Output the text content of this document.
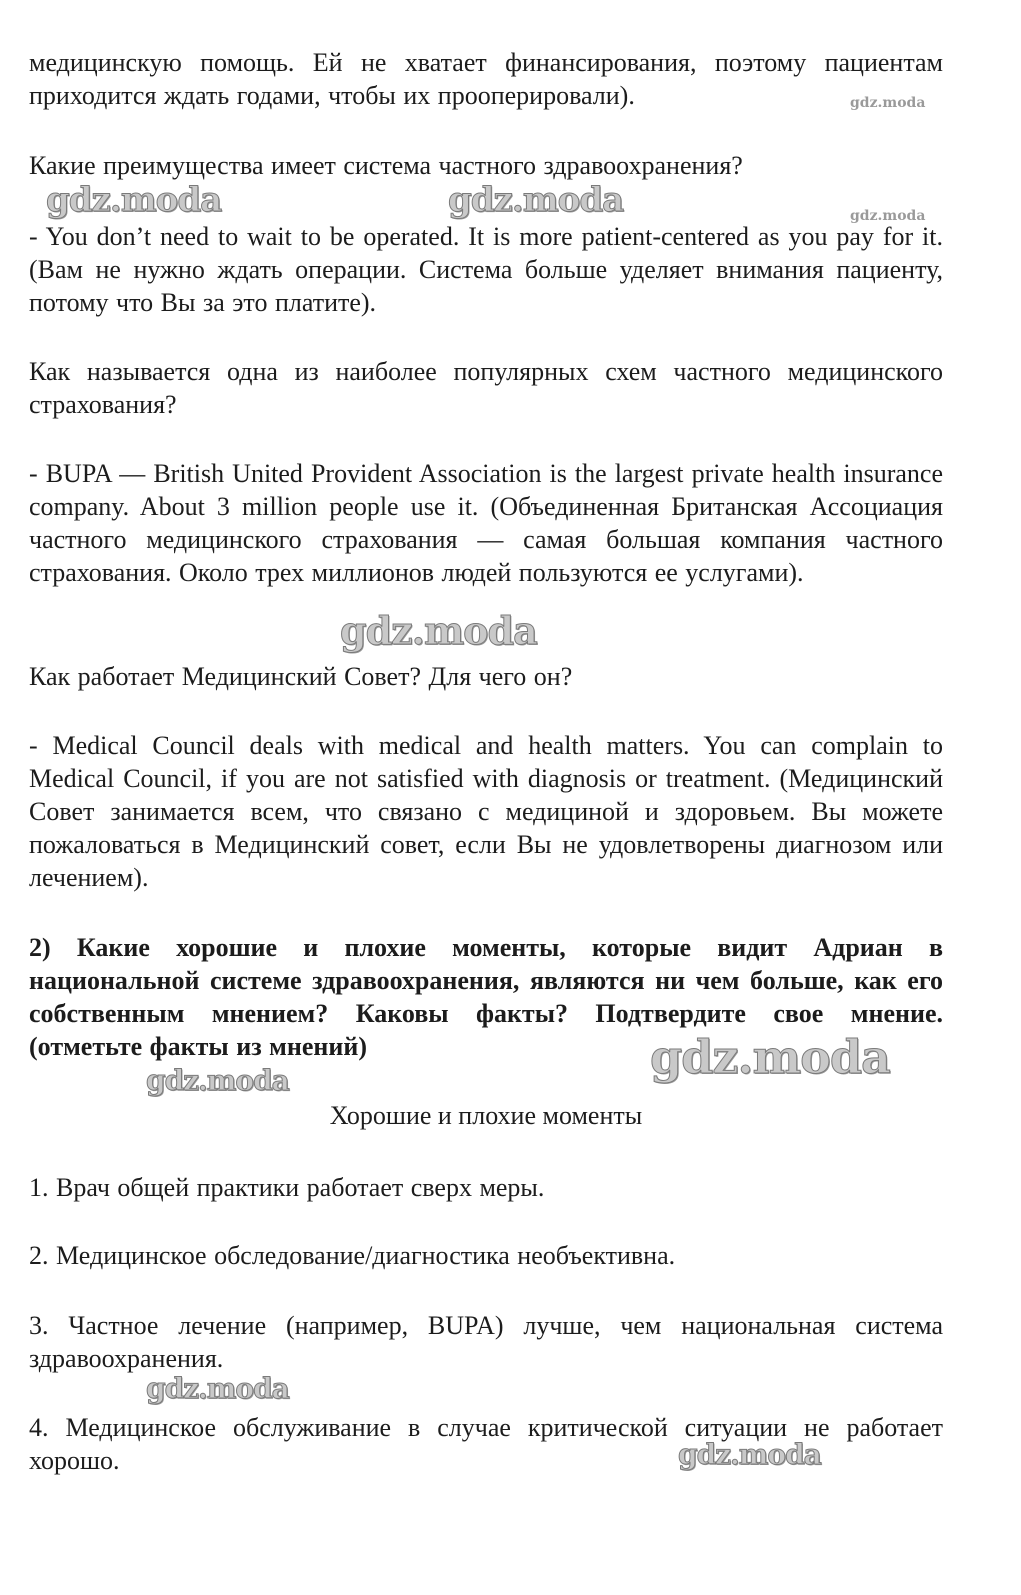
медицинскую помощь. Ей не хватает финансирования, поэтому пациентам приходится ждать годами, чтобы их прооперировали).

Какие преимущества имеет система частного здравоохранения?

- You don’t need to wait to be operated. It is more patient-centered as you pay for it. (Вам не нужно ждать операции. Система больше уделяет внимания пациенту, потому что Вы за это платите).

Как называется одна из наиболее популярных схем частного медицинского страхования?

- BUPA — British United Provident Association is the largest private health insurance company. About 3 million people use it. (Объединенная Британская Ассоциация частного медицинского страхования — самая большая компания частного страхования. Около трех миллионов людей пользуются ее услугами).

Как работает Медицинский Совет? Для чего он?

- Medical Council deals with medical and health matters. You can complain to Medical Council, if you are not satisfied with diagnosis or treatment. (Медицинский Совет занимается всем, что связано с медициной и здоровьем. Вы можете пожаловаться в Медицинский совет, если Вы не удовлетворены диагнозом или лечением).

2) Какие хорошие и плохие моменты, которые видит Адриан в национальной системе здравоохранения, являются ни чем больше, как его собственным мнением? Каковы факты? Подтвердите свое мнение. (отметьте факты из мнений)

Хорошие и плохие моменты

1. Врач общей практики работает сверх меры.

2. Медицинское обследование/диагностика необъективна.

3. Частное лечение (например, BUPA) лучше, чем национальная система здравоохранения.

4. Медицинское обслуживание в случае критической ситуации не работает хорошо.

gdz.moda
gdz.moda	gdz.moda	gdz.moda
gdz.moda
gdz.moda
gdz.moda
gdz.moda
gdz.moda
